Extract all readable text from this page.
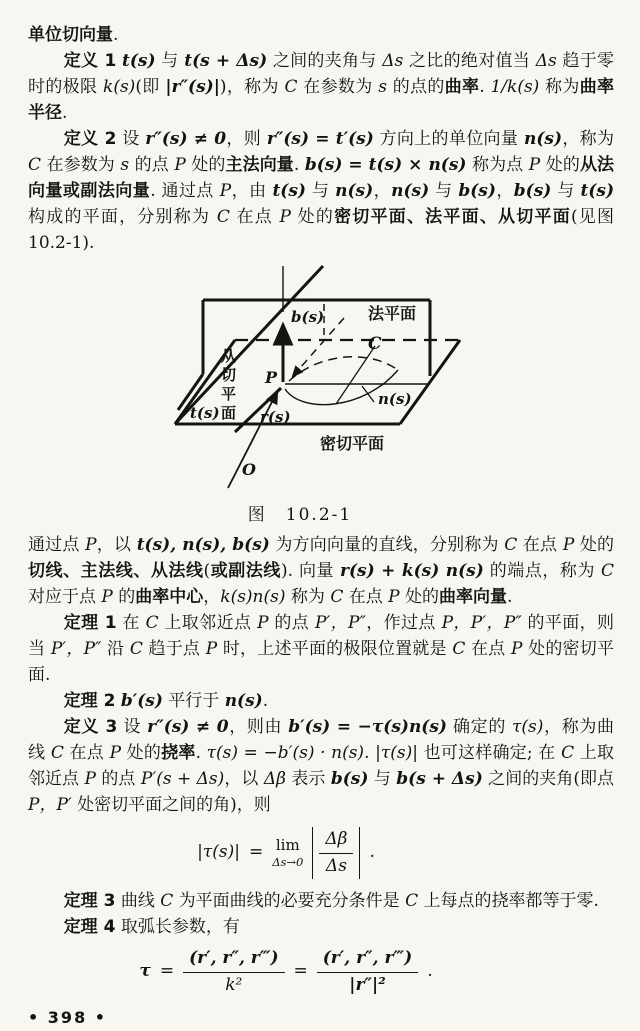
单位切向量.

定义 1 t(s) 与 t(s + Δs) 之间的夹角与 Δs 之比的绝对值当 Δs 趋于零时的极限 k(s)(即 |r″(s)|)，称为 C 在参数为 s 的点的曲率. 1/k(s) 称为曲率半径.

定义 2 设 r″(s) ≠ 0，则 r″(s) = t′(s) 方向上的单位向量 n(s)，称为 C 在参数为 s 的点 P 处的主法向量. b(s) = t(s) × n(s) 称为点 P 处的从法向量或副法向量. 通过点 P，由 t(s) 与 n(s)，n(s) 与 b(s)，b(s) 与 t(s) 构成的平面，分别称为 C 在点 P 处的密切平面、法平面、从切平面(见图10.2-1).

法平面
从切平面
密切平面
b(s)
t(s)
n(s)
r(s)
C
P
O
图　10.2-1

通过点 P，以 t(s), n(s), b(s) 为方向向量的直线，分别称为 C 在点 P 处的切线、主法线、从法线(或副法线). 向量 r(s) + k(s) n(s) 的端点，称为 C 对应于点 P 的曲率中心，k(s)n(s) 称为 C 在点 P 处的曲率向量.

定理 1 在 C 上取邻近点 P 的点 P′，P″，作过点 P，P′，P″ 的平面，则当 P′，P″ 沿 C 趋于点 P 时，上述平面的极限位置就是 C 在点 P 处的密切平面.

定理 2 b′(s) 平行于 n(s).

定义 3 设 r″(s) ≠ 0，则由 b′(s) = −τ(s)n(s) 确定的 τ(s)，称为曲线 C 在点 P 处的挠率. τ(s) = −b′(s) · n(s). |τ(s)| 也可这样确定; 在 C 上取邻近点 P 的点 P′(s + Δs)，以 Δβ 表示 b(s) 与 b(s + Δs) 之间的夹角(即点 P，P′ 处密切平面之间的角)，则

|τ(s)| = lim
$\Delta s\to 0 \frac{\Delta\beta}{\Delta s}$ .

定理 3 曲线 C 为平面曲线的必要充分条件是 C 上每点的挠率都等于零.

定理 4 取弧长参数，有

$\tau = \frac{(r', r'', r‴)}{\text{k²}} = \frac{(r', r'', r‴)}{\text{|r″|²}}$ .
• 398 •
